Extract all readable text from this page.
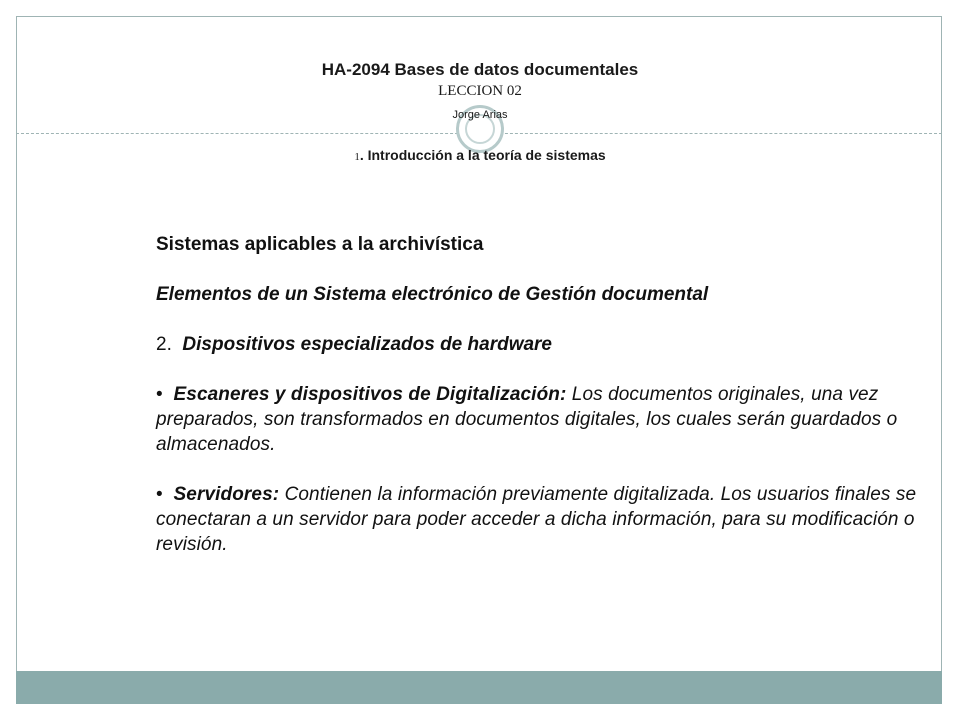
HA-2094 Bases de datos documentales
LECCION 02
Jorge Arias
1. Introducción a la teoría de sistemas

Sistemas aplicables a la archivística

Elementos de un Sistema electrónico de Gestión documental

2. Dispositivos especializados de hardware

• Escaneres y dispositivos de Digitalización: Los documentos originales, una vez preparados, son transformados en documentos digitales, los cuales serán guardados o almacenados.

• Servidores: Contienen la información previamente digitalizada. Los usuarios finales se conectaran a un servidor para poder acceder a dicha información, para su modificación o revisión.
